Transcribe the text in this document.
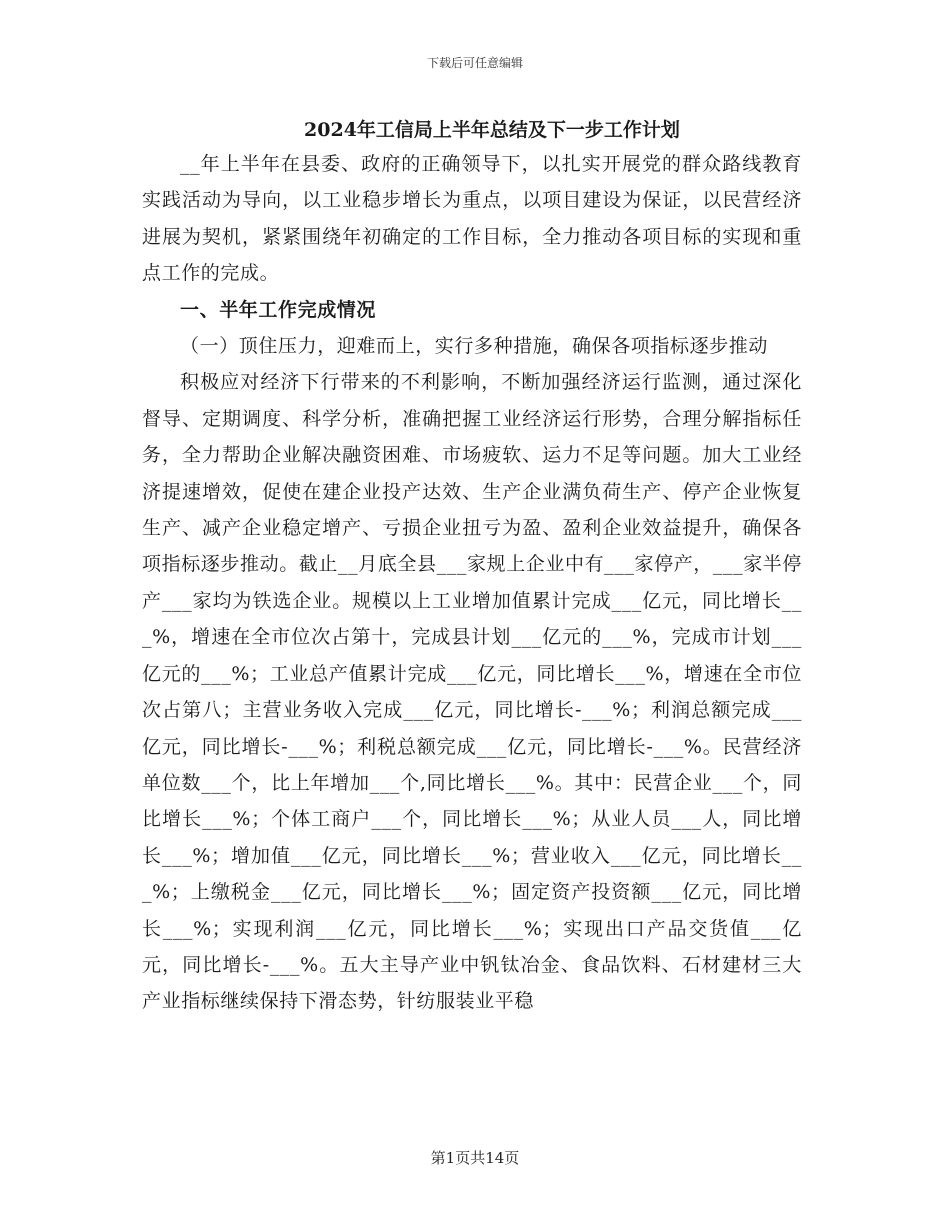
下载后可任意编辑
2024年工信局上半年总结及下一步工作计划

__年上半年在县委、政府的正确领导下，以扎实开展党的群众路线教育实践活动为导向，以工业稳步增长为重点，以项目建设为保证，以民营经济进展为契机，紧紧围绕年初确定的工作目标，全力推动各项目标的实现和重点工作的完成。

一、半年工作完成情况

（一）顶住压力，迎难而上，实行多种措施，确保各项指标逐步推动

积极应对经济下行带来的不利影响，不断加强经济运行监测，通过深化督导、定期调度、科学分析，准确把握工业经济运行形势，合理分解指标任务，全力帮助企业解决融资困难、市场疲软、运力不足等问题。加大工业经济提速增效，促使在建企业投产达效、生产企业满负荷生产、停产企业恢复生产、减产企业稳定增产、亏损企业扭亏为盈、盈利企业效益提升，确保各项指标逐步推动。截止__月底全县___家规上企业中有___家停产，___家半停产___家均为铁选企业。规模以上工业增加值累计完成___亿元，同比增长___%，增速在全市位次占第十，完成县计划___亿元的___%，完成市计划___亿元的___%；工业总产值累计完成___亿元，同比增长___%，增速在全市位次占第八；主营业务收入完成___亿元，同比增长-___%；利润总额完成___亿元，同比增长-___%；利税总额完成___亿元，同比增长-___%。民营经济单位数___个，比上年增加___个,同比增长___%。其中：民营企业___个，同比增长___%；个体工商户___个，同比增长___%；从业人员___人，同比增长___%；增加值___亿元，同比增长___%；营业收入___亿元，同比增长___%；上缴税金___亿元，同比增长___%；固定资产投资额___亿元，同比增长___%；实现利润___亿元，同比增长___%；实现出口产品交货值___亿元，同比增长-___%。五大主导产业中钒钛冶金、食品饮料、石材建材三大产业指标继续保持下滑态势，针纺服装业平稳

第1页共14页
